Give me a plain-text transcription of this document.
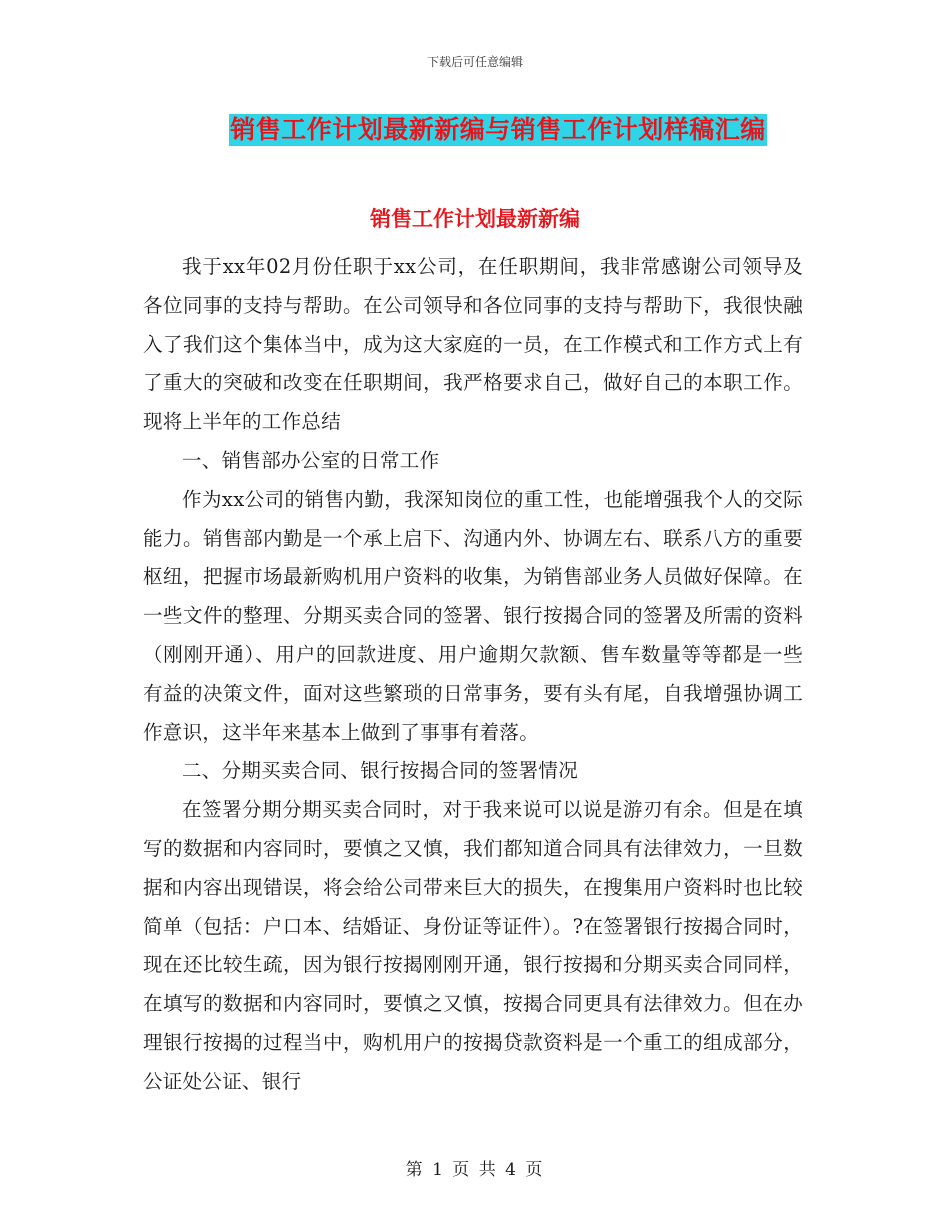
下载后可任意编辑
销售工作计划最新新编与销售工作计划样稿汇编
销售工作计划最新新编

我于xx年02月份任职于xx公司，在任职期间，我非常感谢公司领导及各位同事的支持与帮助。在公司领导和各位同事的支持与帮助下，我很快融入了我们这个集体当中，成为这大家庭的一员，在工作模式和工作方式上有了重大的突破和改变在任职期间，我严格要求自己，做好自己的本职工作。现将上半年的工作总结

一、销售部办公室的日常工作

作为xx公司的销售内勤，我深知岗位的重工性，也能增强我个人的交际能力。销售部内勤是一个承上启下、沟通内外、协调左右、联系八方的重要枢纽，把握市场最新购机用户资料的收集，为销售部业务人员做好保障。在一些文件的整理、分期买卖合同的签署、银行按揭合同的签署及所需的资料（刚刚开通）、用户的回款进度、用户逾期欠款额、售车数量等等都是一些有益的决策文件，面对这些繁琐的日常事务，要有头有尾，自我增强协调工作意识，这半年来基本上做到了事事有着落。

二、分期买卖合同、银行按揭合同的签署情况

在签署分期分期买卖合同时，对于我来说可以说是游刃有余。但是在填写的数据和内容同时，要慎之又慎，我们都知道合同具有法律效力，一旦数据和内容出现错误，将会给公司带来巨大的损失，在搜集用户资料时也比较简单（包括：户口本、结婚证、身份证等证件）。?在签署银行按揭合同时，现在还比较生疏，因为银行按揭刚刚开通，银行按揭和分期买卖合同同样，在填写的数据和内容同时，要慎之又慎，按揭合同更具有法律效力。但在办理银行按揭的过程当中，购机用户的按揭贷款资料是一个重工的组成部分，公证处公证、银行

第 1 页 共 4 页
